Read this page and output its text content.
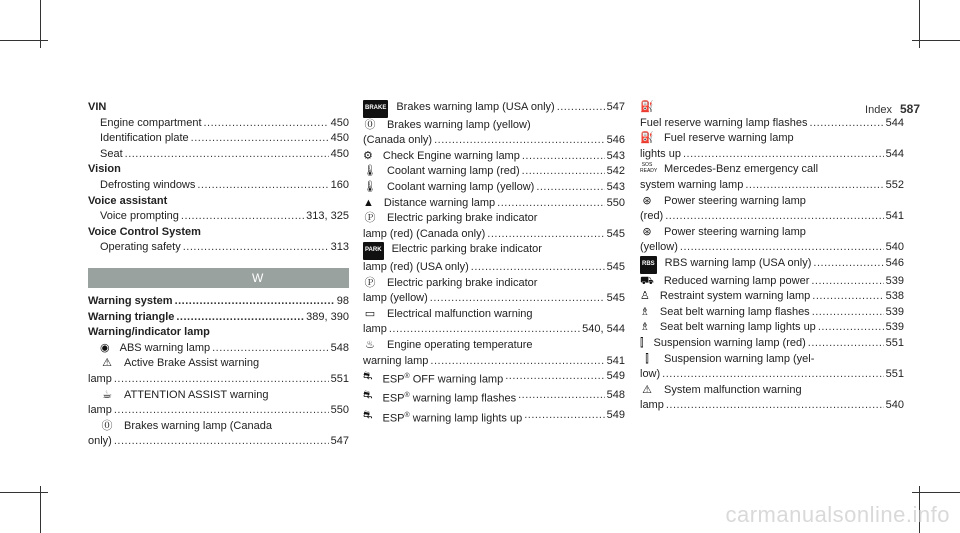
Index 587
VIN
Engine compartment .....	450
Identification plate .....	450
Seat .....	450
Vision
Defrosting windows .....	160
Voice assistant
Voice prompting .....	313, 325
Voice Control System
Operating safety .....	313
W
Warning system .....	98
Warning triangle .....	389, 390
Warning/indicator lamp
◉ ABS warning lamp .....	548
⚠ Active Brake Assist warning
lamp .....	551
☕ ATTENTION ASSIST warning
lamp .....	550
⓪ Brakes warning lamp (Canada
only) .....	547
BRAKE Brakes warning lamp (USA only) .....	547
⓪ Brakes warning lamp (yellow)
(Canada only) .....	546
⚙ Check Engine warning lamp .....	543
🌡 Coolant warning lamp (red) .....	542
🌡 Coolant warning lamp (yellow) .....	543
▲ Distance warning lamp .....	550
Ⓟ Electric parking brake indicator
lamp (red) (Canada only) .....	545
PARK Electric parking brake indicator
lamp (red) (USA only) .....	545
Ⓟ Electric parking brake indicator
lamp (yellow) .....	545
▭ Electrical malfunction warning
lamp .....	540, 544
♨ Engine operating temperature
warning lamp .....	541
⛐ ESP® OFF warning lamp .....	549
⛐ ESP® warning lamp flashes .....	548
⛐ ESP® warning lamp lights up .....	549
⛽
Fuel reserve warning lamp flashes .....	544
⛽ Fuel reserve warning lamp
lights up .....	544
SOS READY Mercedes-Benz emergency call
system warning lamp .....	552
⊛ Power steering warning lamp
(red) .....	541
⊛ Power steering warning lamp
(yellow) .....	540
RBS RBS warning lamp (USA only) .....	546
⛟ Reduced warning lamp power .....	539
♙ Restraint system warning lamp .....	538
♗ Seat belt warning lamp flashes .....	539
♗ Seat belt warning lamp lights up .....	539
⫿ Suspension warning lamp (red) .....	551
⫿ Suspension warning lamp (yel-
low) .....	551
⚠ System malfunction warning
lamp .....	540
carmanualsonline.info
